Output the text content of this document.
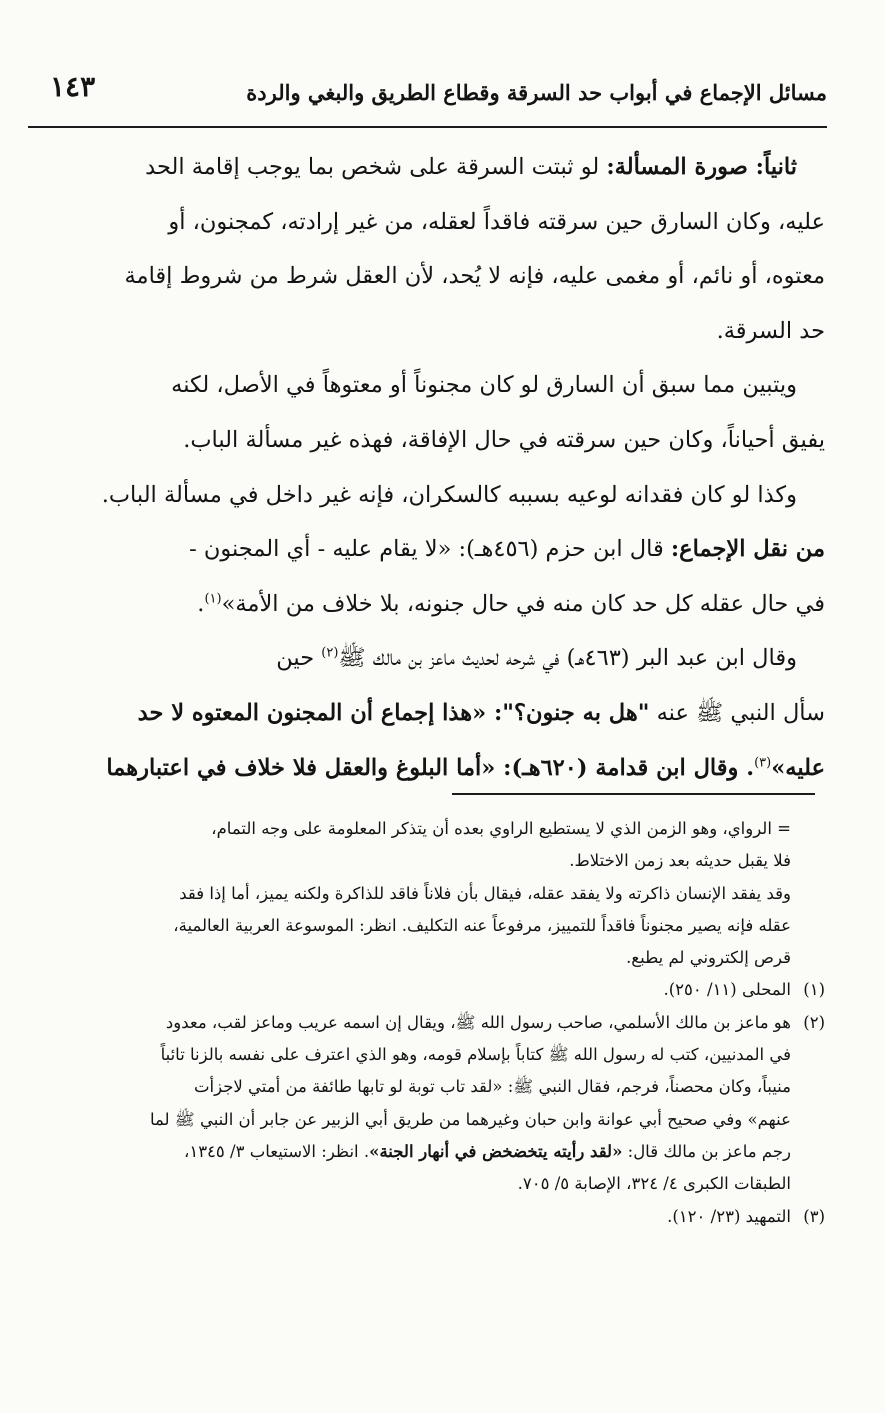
مسائل الإجماع في أبواب حد السرقة وقطاع الطريق والبغي والردة
١٤٣
ثانياً: صورة المسألة: لو ثبتت السرقة على شخص بما يوجب إقامة الحد
عليه، وكان السارق حين سرقته فاقداً لعقله، من غير إرادته، كمجنون، أو
معتوه، أو نائم، أو مغمى عليه، فإنه لا يُحد، لأن العقل شرط من شروط إقامة
حد السرقة.
ويتبين مما سبق أن السارق لو كان مجنوناً أو معتوهاً في الأصل، لكنه
يفيق أحياناً، وكان حين سرقته في حال الإفاقة، فهذه غير مسألة الباب.
وكذا لو كان فقدانه لوعيه بسببه كالسكران، فإنه غير داخل في مسألة الباب.
من نقل الإجماع: قال ابن حزم (٤٥٦هـ): «لا يقام عليه - أي المجنون -
في حال عقله كل حد كان منه في حال جنونه، بلا خلاف من الأمة»$^{(١)}$.
وقال ابن عبد البر (٤٦٣هـ) في شرحه لحديث ماعز بن مالك ﷺ$^{(٢)}$ حين
سأل النبي ﷺ عنه "هل به جنون؟": «هذا إجماع أن المجنون المعتوه لا حد
عليه»$^{(٣)}$. وقال ابن قدامة (٦٢٠هـ): «أما البلوغ والعقل فلا خلاف في اعتبارهما
= الرواي، وهو الزمن الذي لا يستطيع الراوي بعده أن يتذكر المعلومة على وجه التمام،
فلا يقبل حديثه بعد زمن الاختلاط.
وقد يفقد الإنسان ذاكرته ولا يفقد عقله، فيقال بأن فلاناً فاقد للذاكرة ولكنه يميز، أما إذا فقد
عقله فإنه يصير مجنوناً فاقداً للتمييز، مرفوعاً عنه التكليف. انظر: الموسوعة العربية العالمية،
قرص إلكتروني لم يطبع.
(١)المحلى (١١/ ٢٥٠).
(٢)هو ماعز بن مالك الأسلمي، صاحب رسول الله ﷺ، ويقال إن اسمه عريب وماعز لقب، معدود
في المدنيين، كتب له رسول الله ﷺ كتاباً بإسلام قومه، وهو الذي اعترف على نفسه بالزنا تائباً
منيباً، وكان محصناً، فرجم، فقال النبي ﷺ: «لقد تاب توبة لو تابها طائفة من أمتي لاجزأت
عنهم» وفي صحيح أبي عوانة وابن حبان وغيرهما من طريق أبي الزبير عن جابر أن النبي ﷺ لما
رجم ماعز بن مالك قال: «لقد رأيته يتخضخض في أنهار الجنة». انظر: الاستيعاب ٣/ ١٣٤٥،
الطبقات الكبرى ٤/ ٣٢٤، الإصابة ٥/ ٧٠٥.
(٣)التمهيد (٢٣/ ١٢٠).
